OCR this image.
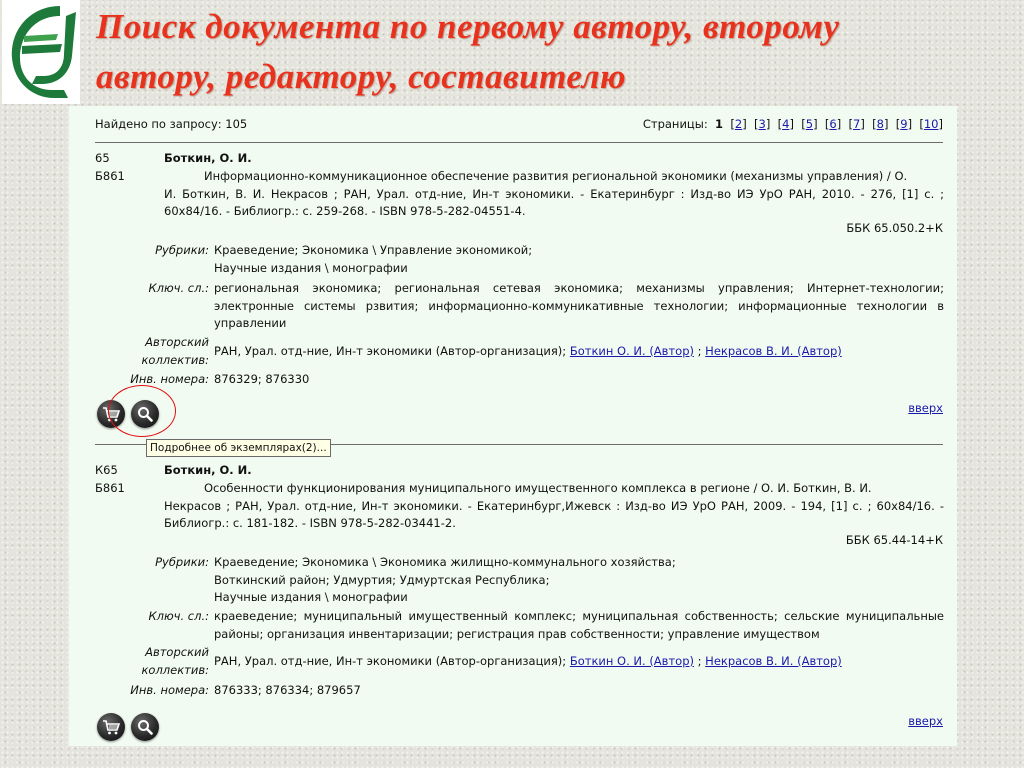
Поиск документа по первому автору, второму
автору, редактору, составителю
Найдено по запросу: 105	Страницы: 1  [2]  [3]  [4]  [5]  [6]  [7]  [8]  [9]  [10]
65
Б861
Боткин, О. И.
Информационно-коммуникационное обеспечение развития региональной экономики (механизмы управления) / О.
И. Боткин, В. И. Некрасов ; РАН, Урал. отд-ние, Ин-т экономики. - Екатеринбург : Изд-во ИЭ УрО РАН, 2010. - 276, [1] с. ; 60x84/16. - Библиогр.: с. 259-268. - ISBN 978-5-282-04551-4.
ББК 65.050.2+К
Рубрики: Краеведение; Экономика \ Управление экономикой;
Научные издания \ монографии
Ключ. сл.: региональная экономика; региональная сетевая экономика; механизмы управления; Интернет-технологии; электронные системы рзвития; информационно-коммуникативные технологии; информационные технологии в управлении
Авторский
коллектив:
РАН, Урал. отд-ние, Ин-т экономики (Автор-организация); Боткин О. И. (Автор) ; Некрасов В. И. (Автор)
Инв. номера: 876329; 876330
вверх
Подробнее об экземплярах(2)...
К65
Б861
Боткин, О. И.
Особенности функционирования муниципального имущественного комплекса в регионе / О. И. Боткин, В. И.
Некрасов ; РАН, Урал. отд-ние, Ин-т экономики. - Екатеринбург,Ижевск : Изд-во ИЭ УрО РАН, 2009. - 194, [1] с. ; 60x84/16. - Библиогр.: с. 181-182. - ISBN 978-5-282-03441-2.
ББК 65.44-14+К
Рубрики: Краеведение; Экономика \ Экономика жилищно-коммунального хозяйства;
Воткинский район; Удмуртия; Удмуртская Республика;
Научные издания \ монографии
Ключ. сл.: краеведение; муниципальный имущественный комплекс; муниципальная собственность; сельские муниципальные районы; организация инвентаризации; регистрация прав собственности; управление имуществом
Авторский
коллектив:
РАН, Урал. отд-ние, Ин-т экономики (Автор-организация); Боткин О. И. (Автор) ; Некрасов В. И. (Автор)
Инв. номера: 876333; 876334; 879657
вверх
